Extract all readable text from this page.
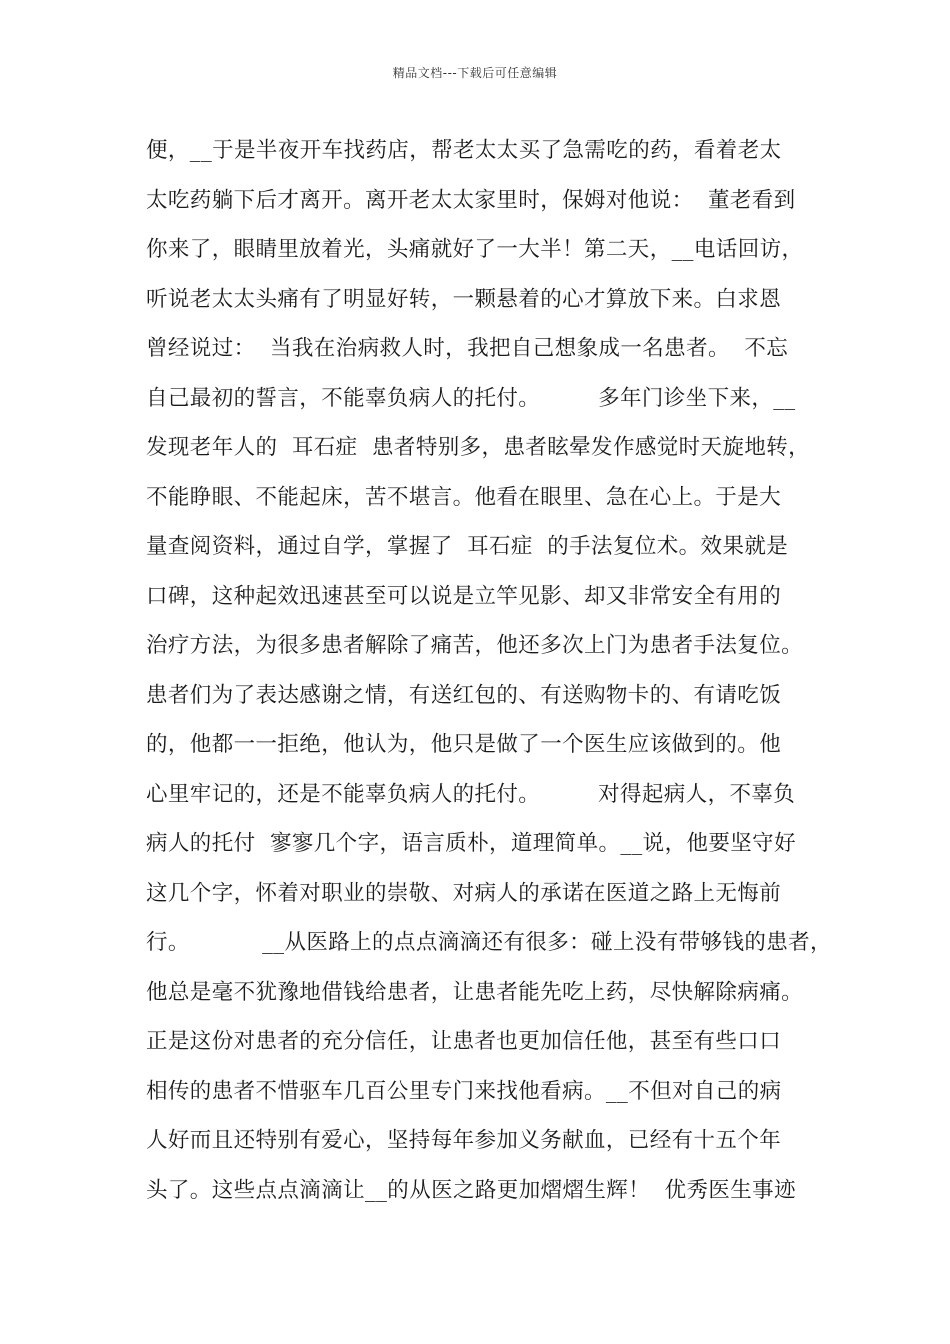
精品文档---下载后可任意编辑
便，__于是半夜开车找药店，帮老太太买了急需吃的药，看着老太
太吃药躺下后才离开。离开老太太家里时，保姆对他说：  董老看到
你来了，眼睛里放着光，头痛就好了一大半！第二天，__电话回访，
听说老太太头痛有了明显好转，一颗悬着的心才算放下来。白求恩
曾经说过：  当我在治病救人时，我把自己想象成一名患者。  不忘
自己最初的誓言，不能辜负病人的托付。        多年门诊坐下来，__
发现老年人的  耳石症  患者特别多，患者眩晕发作感觉时天旋地转，
不能睁眼、不能起床，苦不堪言。他看在眼里、急在心上。于是大
量查阅资料，通过自学，掌握了  耳石症  的手法复位术。效果就是
口碑，这种起效迅速甚至可以说是立竿见影、却又非常安全有用的
治疗方法，为很多患者解除了痛苦，他还多次上门为患者手法复位。
患者们为了表达感谢之情，有送红包的、有送购物卡的、有请吃饭
的，他都一一拒绝，他认为，他只是做了一个医生应该做到的。他
心里牢记的，还是不能辜负病人的托付。        对得起病人，不辜负
病人的托付  寥寥几个字，语言质朴，道理简单。__说，他要坚守好
这几个字，怀着对职业的崇敬、对病人的承诺在医道之路上无悔前
行。          __从医路上的点点滴滴还有很多：碰上没有带够钱的患者，
他总是毫不犹豫地借钱给患者，让患者能先吃上药，尽快解除病痛。
正是这份对患者的充分信任，让患者也更加信任他，甚至有些口口
相传的患者不惜驱车几百公里专门来找他看病。__不但对自己的病
人好而且还特别有爱心，坚持每年参加义务献血，已经有十五个年
头了。这些点点滴滴让__的从医之路更加熠熠生辉！  优秀医生事迹
